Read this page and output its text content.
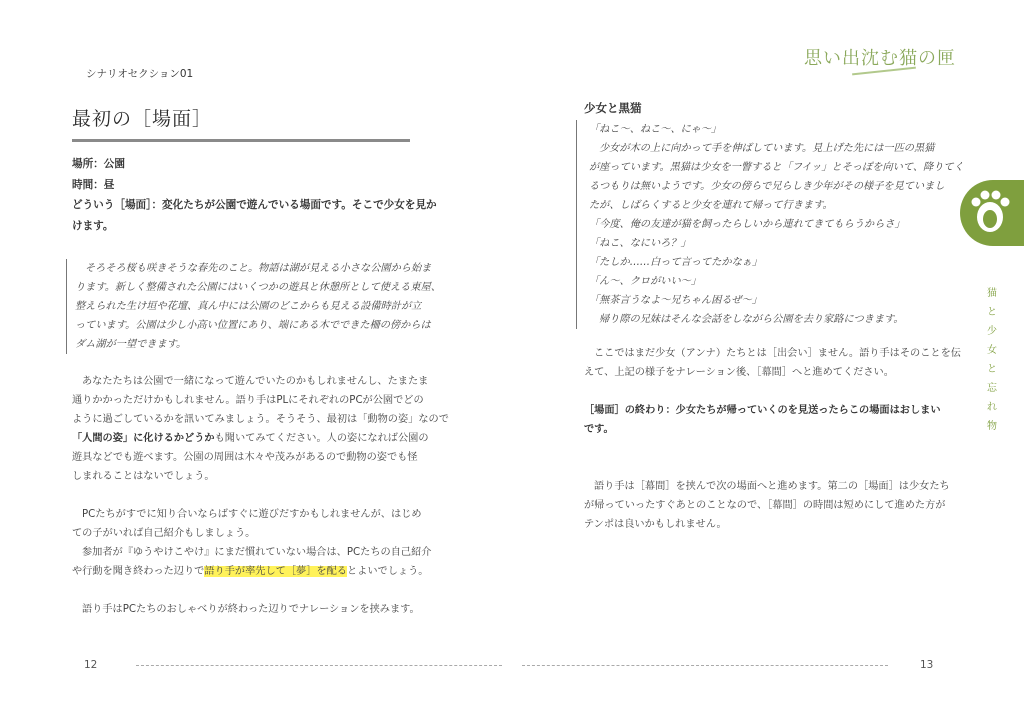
シナリオセクション01
最初の［場面］
場所：公園
時間：昼
どういう［場面］：変化たちが公園で遊んでいる場面です。そこで少女を見か
けます。
そろそろ桜も咲きそうな春先のこと。物語は湖が見える小さな公園から始ま
ります。新しく整備された公園にはいくつかの遊具と休憩所として使える東屋、
整えられた生け垣や花壇、真ん中には公園のどこからも見える設備時計が立
っています。公園は少し小高い位置にあり、端にある木でできた柵の傍からは
ダム湖が一望できます。
あなたたちは公園で一緒になって遊んでいたのかもしれませんし、たまたま
通りかかっただけかもしれません。語り手はPLにそれぞれのPCが公園でどの
ように過ごしているかを訊いてみましょう。そうそう、最初は「動物の姿」なので
「人間の姿」に化けるかどうかも聞いてみてください。人の姿になれば公園の
遊具などでも遊べます。公園の周囲は木々や茂みがあるので動物の姿でも怪
しまれることはないでしょう。
PCたちがすでに知り合いならばすぐに遊びだすかもしれませんが、はじめ
ての子がいれば自己紹介もしましょう。
参加者が『ゆうやけこやけ』にまだ慣れていない場合は、PCたちの自己紹介
や行動を聞き終わった辺りで語り手が率先して［夢］を配るとよいでしょう。
語り手はPCたちのおしゃべりが終わった辺りでナレーションを挟みます。
12
思い出沈む猫の匣
少女と黒猫
「ねこ〜、ねこ〜、にゃ〜」
少女が木の上に向かって手を伸ばしています。見上げた先には一匹の黒猫
が座っています。黒猫は少女を一瞥すると「フイッ」とそっぽを向いて、降りてく
るつもりは無いようです。少女の傍らで兄らしき少年がその様子を見ていまし
たが、しばらくすると少女を連れて帰って行きます。
「今度、俺の友達が猫を飼ったらしいから連れてきてもらうからさ」
「ねこ、なにいろ？」
「たしか……白って言ってたかなぁ」
「ん〜、クロがいい〜」
「無茶言うなよ〜兄ちゃん困るぜ〜」
帰り際の兄妹はそんな会話をしながら公園を去り家路につきます。
ここではまだ少女（アンナ）たちとは［出会い］ません。語り手はそのことを伝
えて、上記の様子をナレーション後、［幕間］へと進めてください。
［場面］の終わり：少女たちが帰っていくのを見送ったらこの場面はおしまい
です。
語り手は［幕間］を挟んで次の場面へと進めます。第二の［場面］は少女たち
が帰っていったすぐあとのことなので、［幕間］の時間は短めにして進めた方が
テンポは良いかもしれません。
猫
と
少
女
と
忘
れ
物
13
